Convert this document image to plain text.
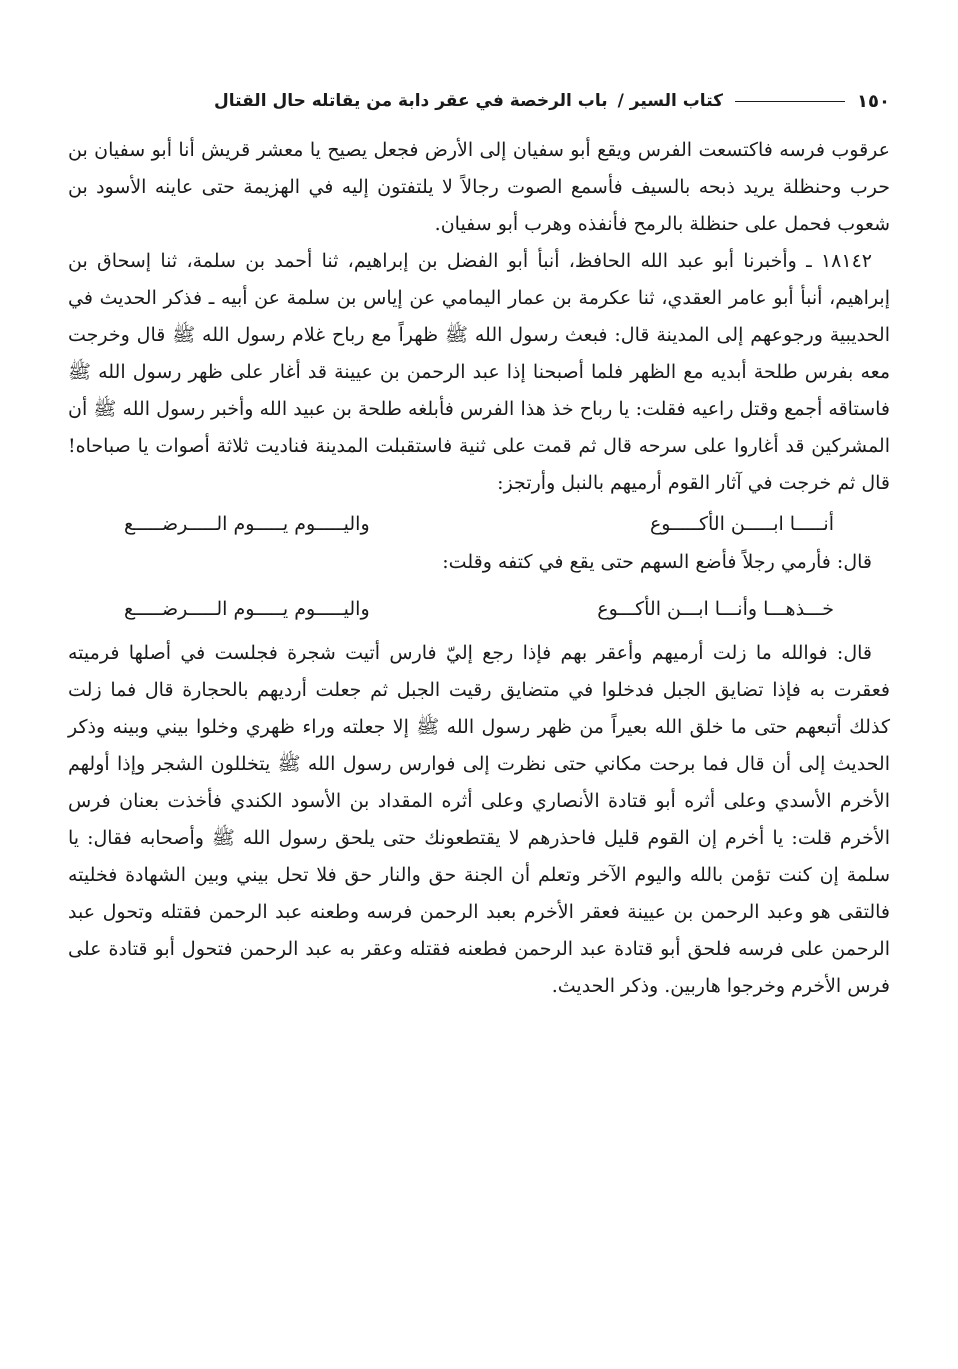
١٥٠
كتاب السير /
باب الرخصة في عقر دابة من يقاتله حال القتال

عرقوب فرسه فاكتسعت الفرس ويقع أبو سفيان إلى الأرض فجعل يصيح يا معشر قريش أنا أبو سفيان بن حرب وحنظلة يريد ذبحه بالسيف فأسمع الصوت رجالاً لا يلتفتون إليه في الهزيمة حتى عاينه الأسود بن شعوب فحمل على حنظلة بالرمح فأنفذه وهرب أبو سفيان.

١٨١٤٢ ـ وأخبرنا أبو عبد الله الحافظ، أنبأ أبو الفضل بن إبراهيم، ثنا أحمد بن سلمة، ثنا إسحاق بن إبراهيم، أنبأ أبو عامر العقدي، ثنا عكرمة بن عمار اليمامي عن إياس بن سلمة عن أبيه ـ فذكر الحديث في الحديبية ورجوعهم إلى المدينة قال: فبعث رسول الله ﷺ ظهراً مع رباح غلام رسول الله ﷺ قال وخرجت معه بفرس طلحة أبديه مع الظهر فلما أصبحنا إذا عبد الرحمن بن عيينة قد أغار على ظهر رسول الله ﷺ فاستاقه أجمع وقتل راعيه فقلت: يا رباح خذ هذا الفرس فأبلغه طلحة بن عبيد الله وأخبر رسول الله ﷺ أن المشركين قد أغاروا على سرحه قال ثم قمت على ثنية فاستقبلت المدينة فناديت ثلاثة أصوات يا صباحاه! قال ثم خرجت في آثار القوم أرميهم بالنبل وأرتجز:

أنـــــا ابـــــن الأكـــــوع
واليـــــوم يـــــوم الـــــرضـــــع

قال: فأرمي رجلاً فأضع السهم حتى يقع في كتفه وقلت:

خـــذهـــا وأنـــا ابـــن الأكـــوع
واليـــــوم يـــــوم الـــــرضـــــع

قال: فوالله ما زلت أرميهم وأعقر بهم فإذا رجع إليّ فارس أتيت شجرة فجلست في أصلها فرميته فعقرت به فإذا تضايق الجبل فدخلوا في متضايق رقيت الجبل ثم جعلت أرديهم بالحجارة قال فما زلت كذلك أتبعهم حتى ما خلق الله بعيراً من ظهر رسول الله ﷺ إلا جعلته وراء ظهري وخلوا بيني وبينه وذكر الحديث إلى أن قال فما برحت مكاني حتى نظرت إلى فوارس رسول الله ﷺ يتخللون الشجر وإذا أولهم الأخرم الأسدي وعلى أثره أبو قتادة الأنصاري وعلى أثره المقداد بن الأسود الكندي فأخذت بعنان فرس الأخرم قلت: يا أخرم إن القوم قليل فاحذرهم لا يقتطعونك حتى يلحق رسول الله ﷺ وأصحابه فقال: يا سلمة إن كنت تؤمن بالله واليوم الآخر وتعلم أن الجنة حق والنار حق فلا تحل بيني وبين الشهادة فخليته فالتقى هو وعبد الرحمن بن عيينة فعقر الأخرم بعبد الرحمن فرسه وطعنه عبد الرحمن فقتله وتحول عبد الرحمن على فرسه فلحق أبو قتادة عبد الرحمن فطعنه فقتله وعقر به عبد الرحمن فتحول أبو قتادة على فرس الأخرم وخرجوا هاربين. وذكر الحديث.
